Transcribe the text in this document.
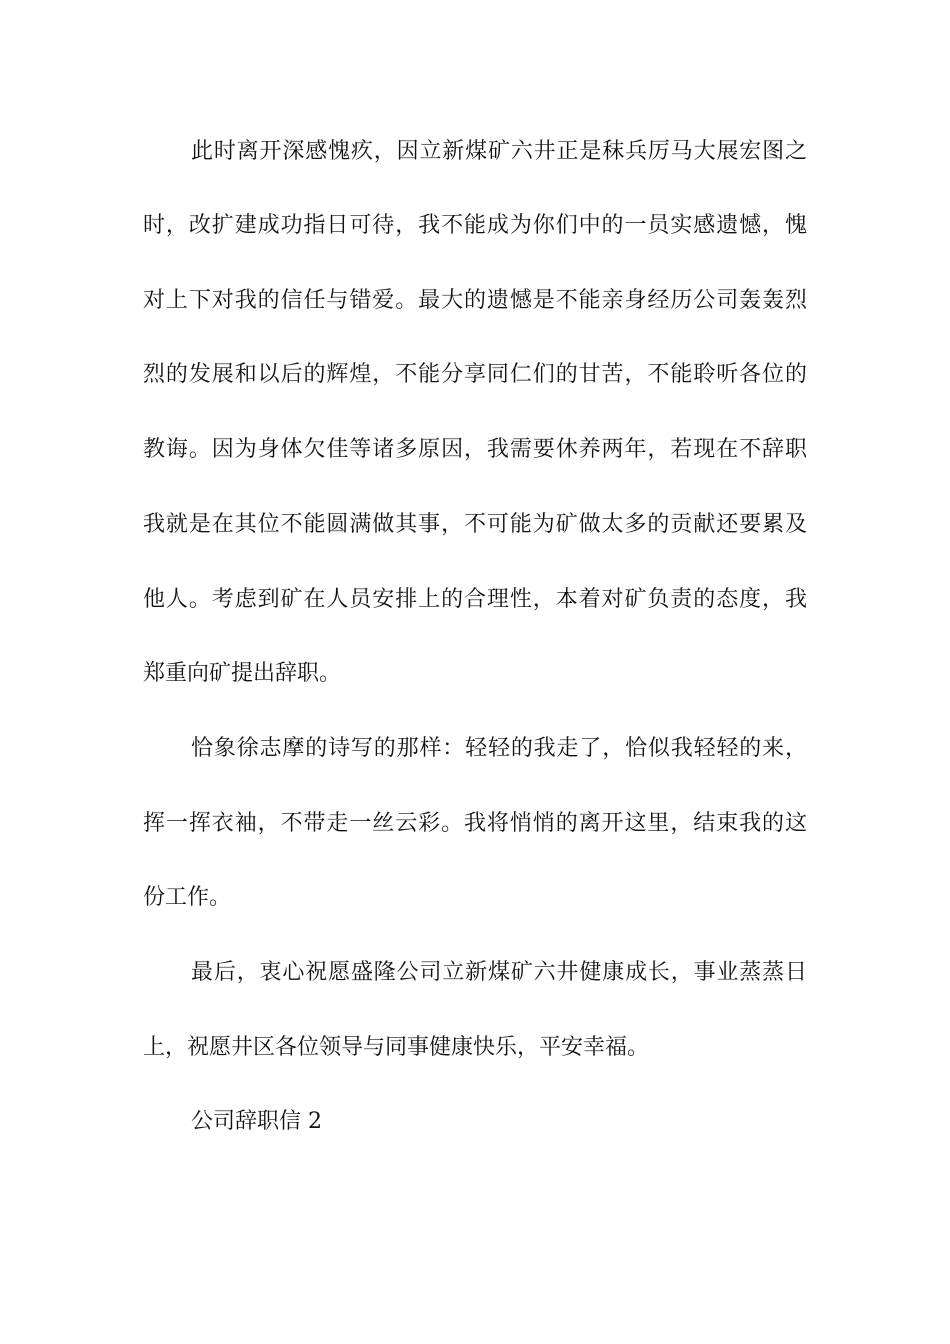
此时离开深感愧疚，因立新煤矿六井正是秣兵厉马大展宏图之
时，改扩建成功指日可待，我不能成为你们中的一员实感遗憾，愧
对上下对我的信任与错爱。最大的遗憾是不能亲身经历公司轰轰烈
烈的发展和以后的辉煌，不能分享同仁们的甘苦，不能聆听各位的
教诲。因为身体欠佳等诸多原因，我需要休养两年，若现在不辞职
我就是在其位不能圆满做其事，不可能为矿做太多的贡献还要累及
他人。考虑到矿在人员安排上的合理性，本着对矿负责的态度，我
郑重向矿提出辞职。
恰象徐志摩的诗写的那样：轻轻的我走了，恰似我轻轻的来，
挥一挥衣袖，不带走一丝云彩。我将悄悄的离开这里，结束我的这
份工作。
最后，衷心祝愿盛隆公司立新煤矿六井健康成长，事业蒸蒸日
上，祝愿井区各位领导与同事健康快乐，平安幸福。
公司辞职信 2
